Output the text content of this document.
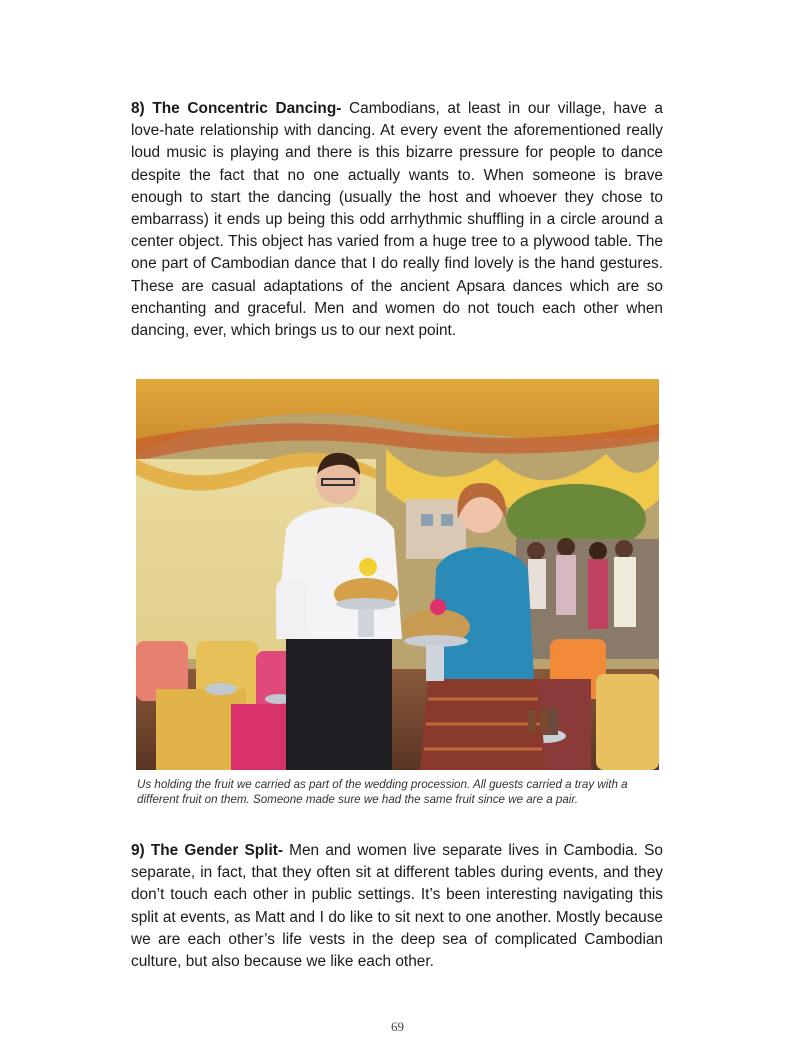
8) The Concentric Dancing- Cambodians, at least in our village, have a love-hate relationship with dancing. At every event the aforementioned really loud music is playing and there is this bizarre pressure for people to dance despite the fact that no one actually wants to. When someone is brave enough to start the dancing (usually the host and whoever they chose to embarrass) it ends up being this odd arrhythmic shuffling in a circle around a center object. This object has varied from a huge tree to a plywood table. The one part of Cambodian dance that I do really find lovely is the hand gestures. These are casual adaptations of the ancient Apsara dances which are so enchanting and graceful. Men and women do not touch each other when dancing, ever, which brings us to our next point.

Us holding the fruit we carried as part of the wedding procession. All guests carried a tray with a different fruit on them. Someone made sure we had the same fruit since we are a pair.

9) The Gender Split- Men and women live separate lives in Cambodia. So separate, in fact, that they often sit at different tables during events, and they don’t touch each other in public settings. It’s been interesting navigating this split at events, as Matt and I do like to sit next to one another. Mostly because we are each other’s life vests in the deep sea of complicated Cambodian culture, but also because we like each other.

69
